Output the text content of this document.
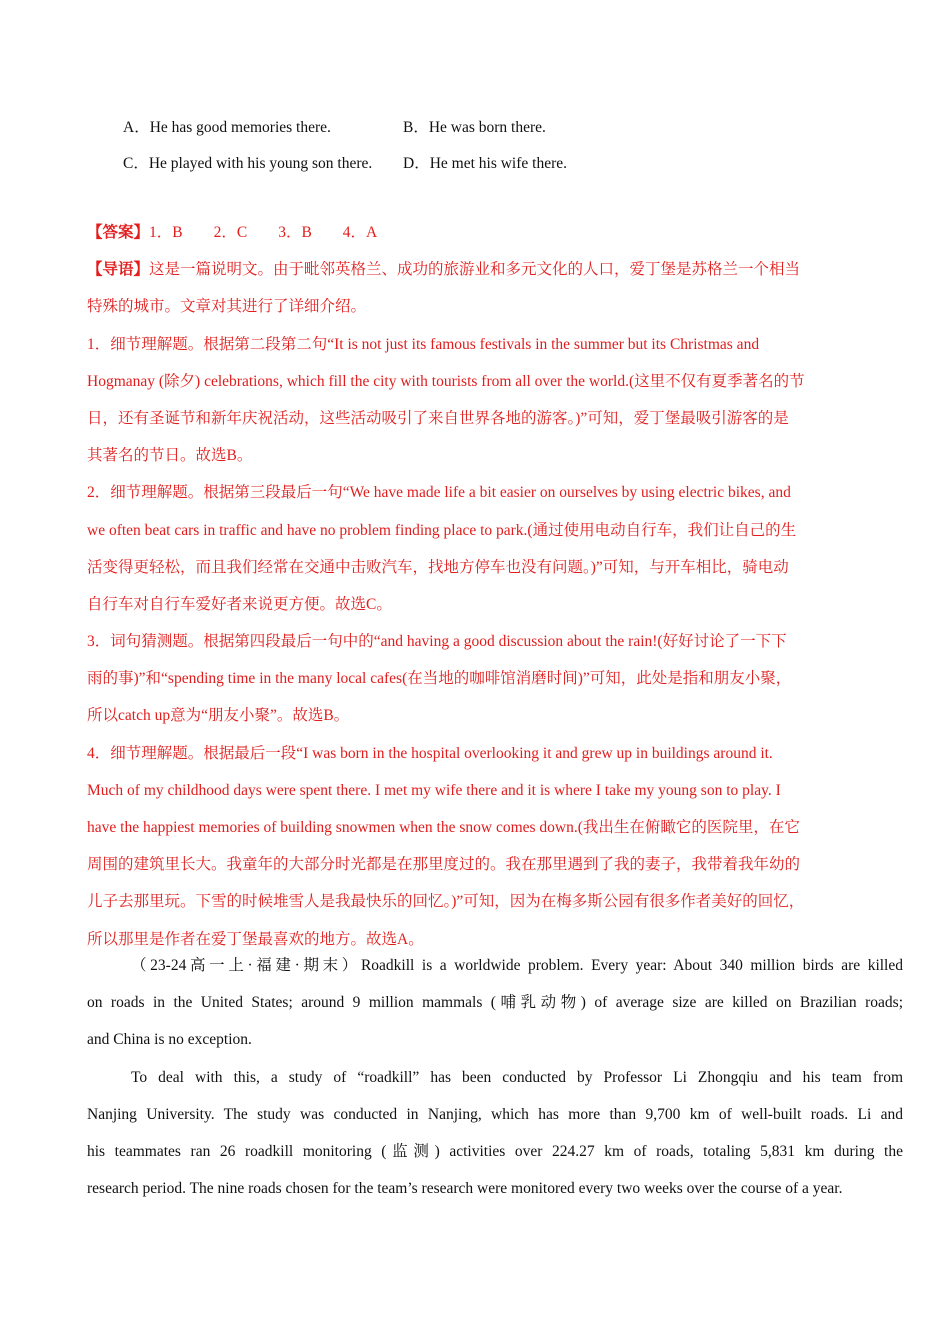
A．He has good memories there.	B．He was born there.
C．He played with his young son there.	D．He met his wife there.
【答案】1．B　　2．C　　3．B　　4．A
【导语】这是一篇说明文。由于毗邻英格兰、成功的旅游业和多元文化的人口，爱丁堡是苏格兰一个相当
特殊的城市。文章对其进行了详细介绍。
1．细节理解题。根据第二段第二句“It is not just its famous festivals in the summer but its Christmas and
Hogmanay (除夕) celebrations, which fill the city with tourists from all over the world.(这里不仅有夏季著名的节
日，还有圣诞节和新年庆祝活动，这些活动吸引了来自世界各地的游客。)”可知，爱丁堡最吸引游客的是
其著名的节日。故选B。
2．细节理解题。根据第三段最后一句“We have made life a bit easier on ourselves by using electric bikes, and
we often beat cars in traffic and have no problem finding place to park.(通过使用电动自行车，我们让自己的生
活变得更轻松，而且我们经常在交通中击败汽车，找地方停车也没有问题。)”可知，与开车相比，骑电动
自行车对自行车爱好者来说更方便。故选C。
3．词句猜测题。根据第四段最后一句中的“and having a good discussion about the rain!(好好讨论了一下下
雨的事)”和“spending time in the many local cafes(在当地的咖啡馆消磨时间)”可知，此处是指和朋友小聚，
所以catch up意为“朋友小聚”。故选B。
4．细节理解题。根据最后一段“I was born in the hospital overlooking it and grew up in buildings around it.
Much of my childhood days were spent there. I met my wife there and it is where I take my young son to play. I
have the happiest memories of building snowmen when the snow comes down.(我出生在俯瞰它的医院里，在它
周围的建筑里长大。我童年的大部分时光都是在那里度过的。我在那里遇到了我的妻子，我带着我年幼的
儿子去那里玩。下雪的时候堆雪人是我最快乐的回忆。)”可知，因为在梅多斯公园有很多作者美好的回忆，
所以那里是作者在爱丁堡最喜欢的地方。故选A。
（23-24高一上·福建·期末）Roadkill is a worldwide problem. Every year: About 340 million birds are killed
on roads in the United States; around 9 million mammals (哺乳动物) of average size are killed on Brazilian roads;
and China is no exception.
To deal with this, a study of “roadkill” has been conducted by Professor Li Zhongqiu and his team from
Nanjing University. The study was conducted in Nanjing, which has more than 9,700 km of well-built roads. Li and
his teammates ran 26 roadkill monitoring (监测) activities over 224.27 km of roads, totaling 5,831 km during the
research period. The nine roads chosen for the team’s research were monitored every two weeks over the course of a year.
